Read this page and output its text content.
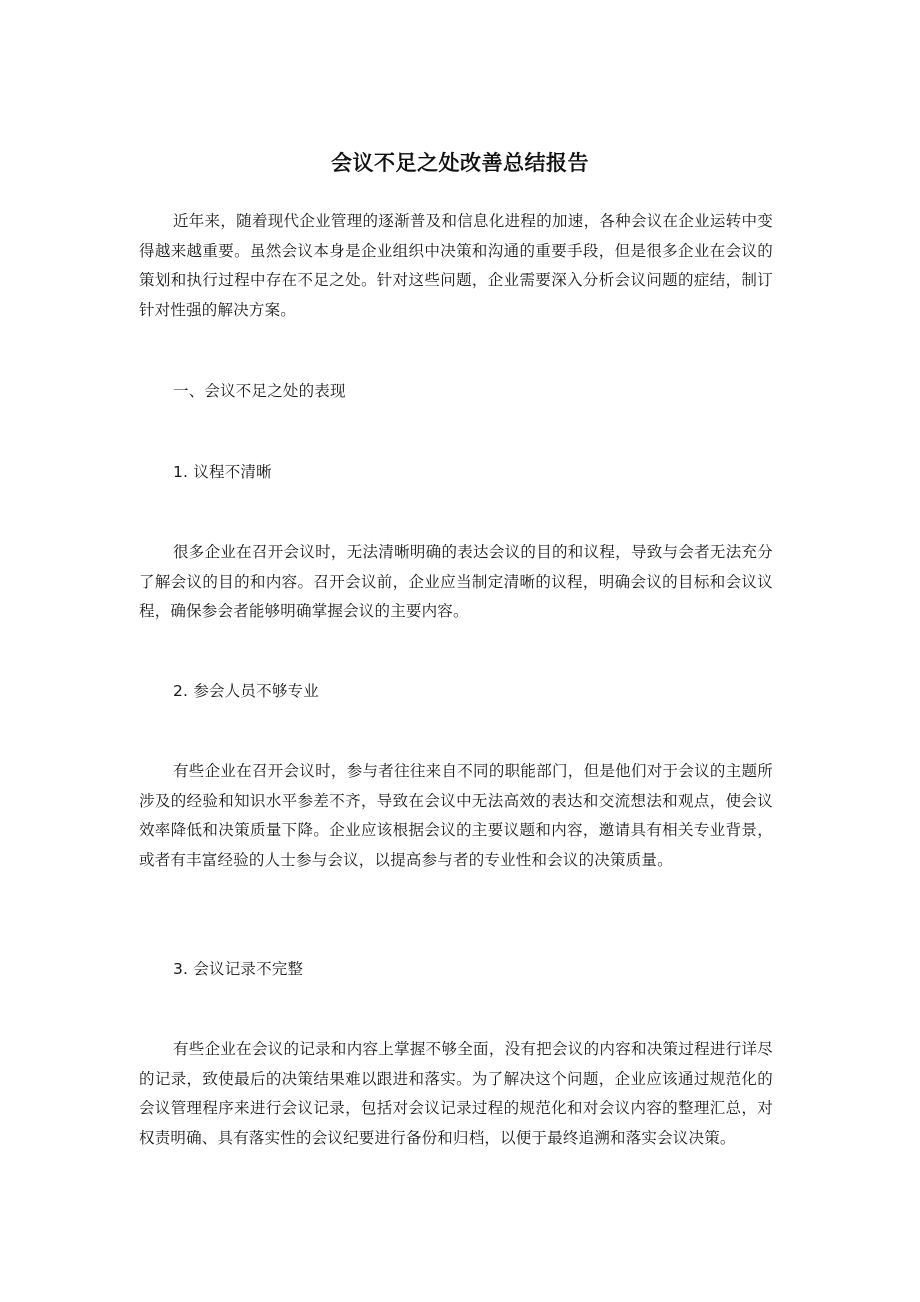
会议不足之处改善总结报告

近年来，随着现代企业管理的逐渐普及和信息化进程的加速，各种会议在企业运转中变得越来越重要。虽然会议本身是企业组织中决策和沟通的重要手段，但是很多企业在会议的策划和执行过程中存在不足之处。针对这些问题，企业需要深入分析会议问题的症结，制订针对性强的解决方案。

一、会议不足之处的表现

1. 议程不清晰

很多企业在召开会议时，无法清晰明确的表达会议的目的和议程，导致与会者无法充分了解会议的目的和内容。召开会议前，企业应当制定清晰的议程，明确会议的目标和会议议程，确保参会者能够明确掌握会议的主要内容。

2. 参会人员不够专业

有些企业在召开会议时，参与者往往来自不同的职能部门，但是他们对于会议的主题所涉及的经验和知识水平参差不齐，导致在会议中无法高效的表达和交流想法和观点，使会议效率降低和决策质量下降。企业应该根据会议的主要议题和内容，邀请具有相关专业背景，或者有丰富经验的人士参与会议，以提高参与者的专业性和会议的决策质量。

3. 会议记录不完整

有些企业在会议的记录和内容上掌握不够全面，没有把会议的内容和决策过程进行详尽的记录，致使最后的决策结果难以跟进和落实。为了解决这个问题，企业应该通过规范化的会议管理程序来进行会议记录，包括对会议记录过程的规范化和对会议内容的整理汇总，对权责明确、具有落实性的会议纪要进行备份和归档，以便于最终追溯和落实会议决策。
